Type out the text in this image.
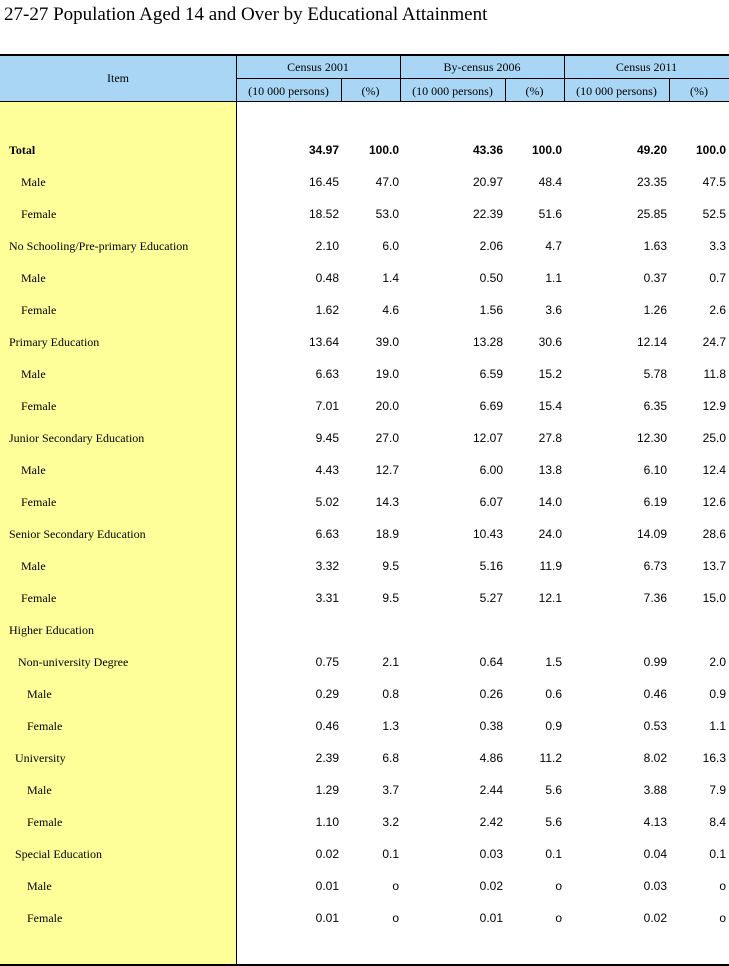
27-27 Population Aged 14 and Over by Educational Attainment
Item
Census 2001	By-census 2006	Census 2011
(10 000 persons)	(%)	(10 000 persons)	(%)	(10 000 persons)	(%)
Total	34.97 100.0	43.36 100.0	49.20 100.0
Male	16.45	47.0	20.97	48.4	23.35	47.5
Female	18.52	53.0	22.39	51.6	25.85	52.5
No Schooling/Pre-primary Education	2.10	6.0	2.06	4.7	1.63	3.3
Male	0.48	1.4	0.50	1.1	0.37	0.7
Female	1.62	4.6	1.56	3.6	1.26	2.6
Primary Education	13.64	39.0	13.28	30.6	12.14	24.7
Male	6.63	19.0	6.59	15.2	5.78	11.8
Female	7.01	20.0	6.69	15.4	6.35	12.9
Junior Secondary Education	9.45	27.0	12.07	27.8	12.30	25.0
Male	4.43	12.7	6.00	13.8	6.10	12.4
Female	5.02	14.3	6.07	14.0	6.19	12.6
Senior Secondary Education	6.63	18.9	10.43	24.0	14.09	28.6
Male	3.32	9.5	5.16	11.9	6.73	13.7
Female	3.31	9.5	5.27	12.1	7.36	15.0
Higher Education
Non-university Degree	0.75	2.1	0.64	1.5	0.99	2.0
Male	0.29	0.8	0.26	0.6	0.46	0.9
Female	0.46	1.3	0.38	0.9	0.53	1.1
University	2.39	6.8	4.86	11.2	8.02	16.3
Male	1.29	3.7	2.44	5.6	3.88	7.9
Female	1.10	3.2	2.42	5.6	4.13	8.4
Special Education	0.02	0.1	0.03	0.1	0.04	0.1
Male	0.01	o	0.02	o	0.03	o
Female	0.01	o	0.01	o	0.02	o
